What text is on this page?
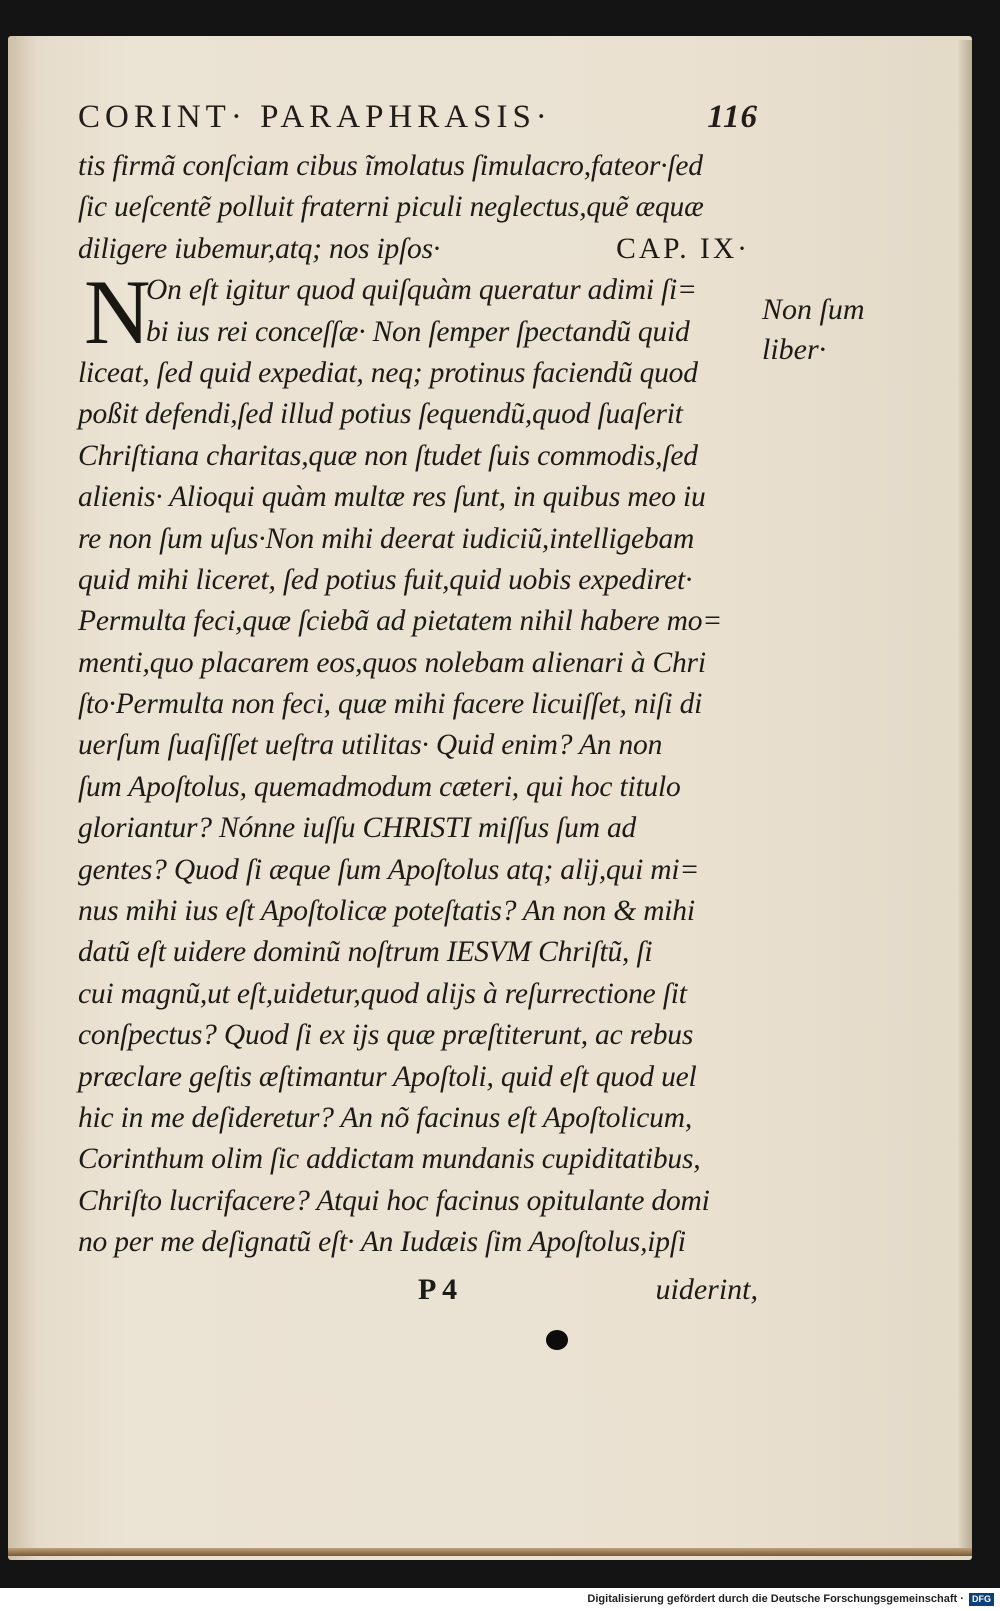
CORINT· PARAPHRASIS·	116
tis firmã conſciam cibus ĩmolatus ſimulacro,fateor·ſed
ſic ueſcentẽ polluit fraterni piculi neglectus,quẽ æquæ
diligere iubemur,atq; nos ipſos·	CAP. IX·
N
On eſt igitur quod quiſquàm queratur adimi ſi=
bi ius rei conceſſæ· Non ſemper ſpectandũ quid
liceat, ſed quid expediat, neq; protinus faciendũ quod
poßit defendi,ſed illud potius ſequendũ,quod ſuaſerit
Chriſtiana charitas,quæ non ſtudet ſuis commodis,ſed
alienis· Alioqui quàm multæ res ſunt, in quibus meo iu
re non ſum uſus·Non mihi deerat iudiciũ,intelligebam
quid mihi liceret, ſed potius fuit,quid uobis expediret·
Permulta feci,quæ ſciebã ad pietatem nihil habere mo=
menti,quo placarem eos,quos nolebam alienari à Chri
ſto·Permulta non feci, quæ mihi facere licuiſſet, niſi di
uerſum ſuaſiſſet ueſtra utilitas· Quid enim? An non
ſum Apoſtolus, quemadmodum cæteri, qui hoc titulo
gloriantur? Nónne iuſſu CHRISTI miſſus ſum ad
gentes? Quod ſi æque ſum Apoſtolus atq; alij,qui mi=
nus mihi ius eſt Apoſtolicæ poteſtatis? An non & mihi
datũ eſt uidere dominũ noſtrum IESVM Chriſtũ, ſi
cui magnũ,ut eſt,uidetur,quod alijs à reſurrectione ſit
conſpectus? Quod ſi ex ijs quæ præſtiterunt, ac rebus
præclare geſtis æſtimantur Apoſtoli, quid eſt quod uel
hic in me deſideretur? An nõ facinus eſt Apoſtolicum,
Corinthum olim ſic addictam mundanis cupiditatibus,
Chriſto lucrifacere? Atqui hoc facinus opitulante domi
no per me deſignatũ eſt· An Iudæis ſim Apoſtolus,ipſi
P 4	uiderint,
Non ſum
liber·
Digitalisierung gefördert durch die Deutsche Forschungsgemeinschaft · DFG
